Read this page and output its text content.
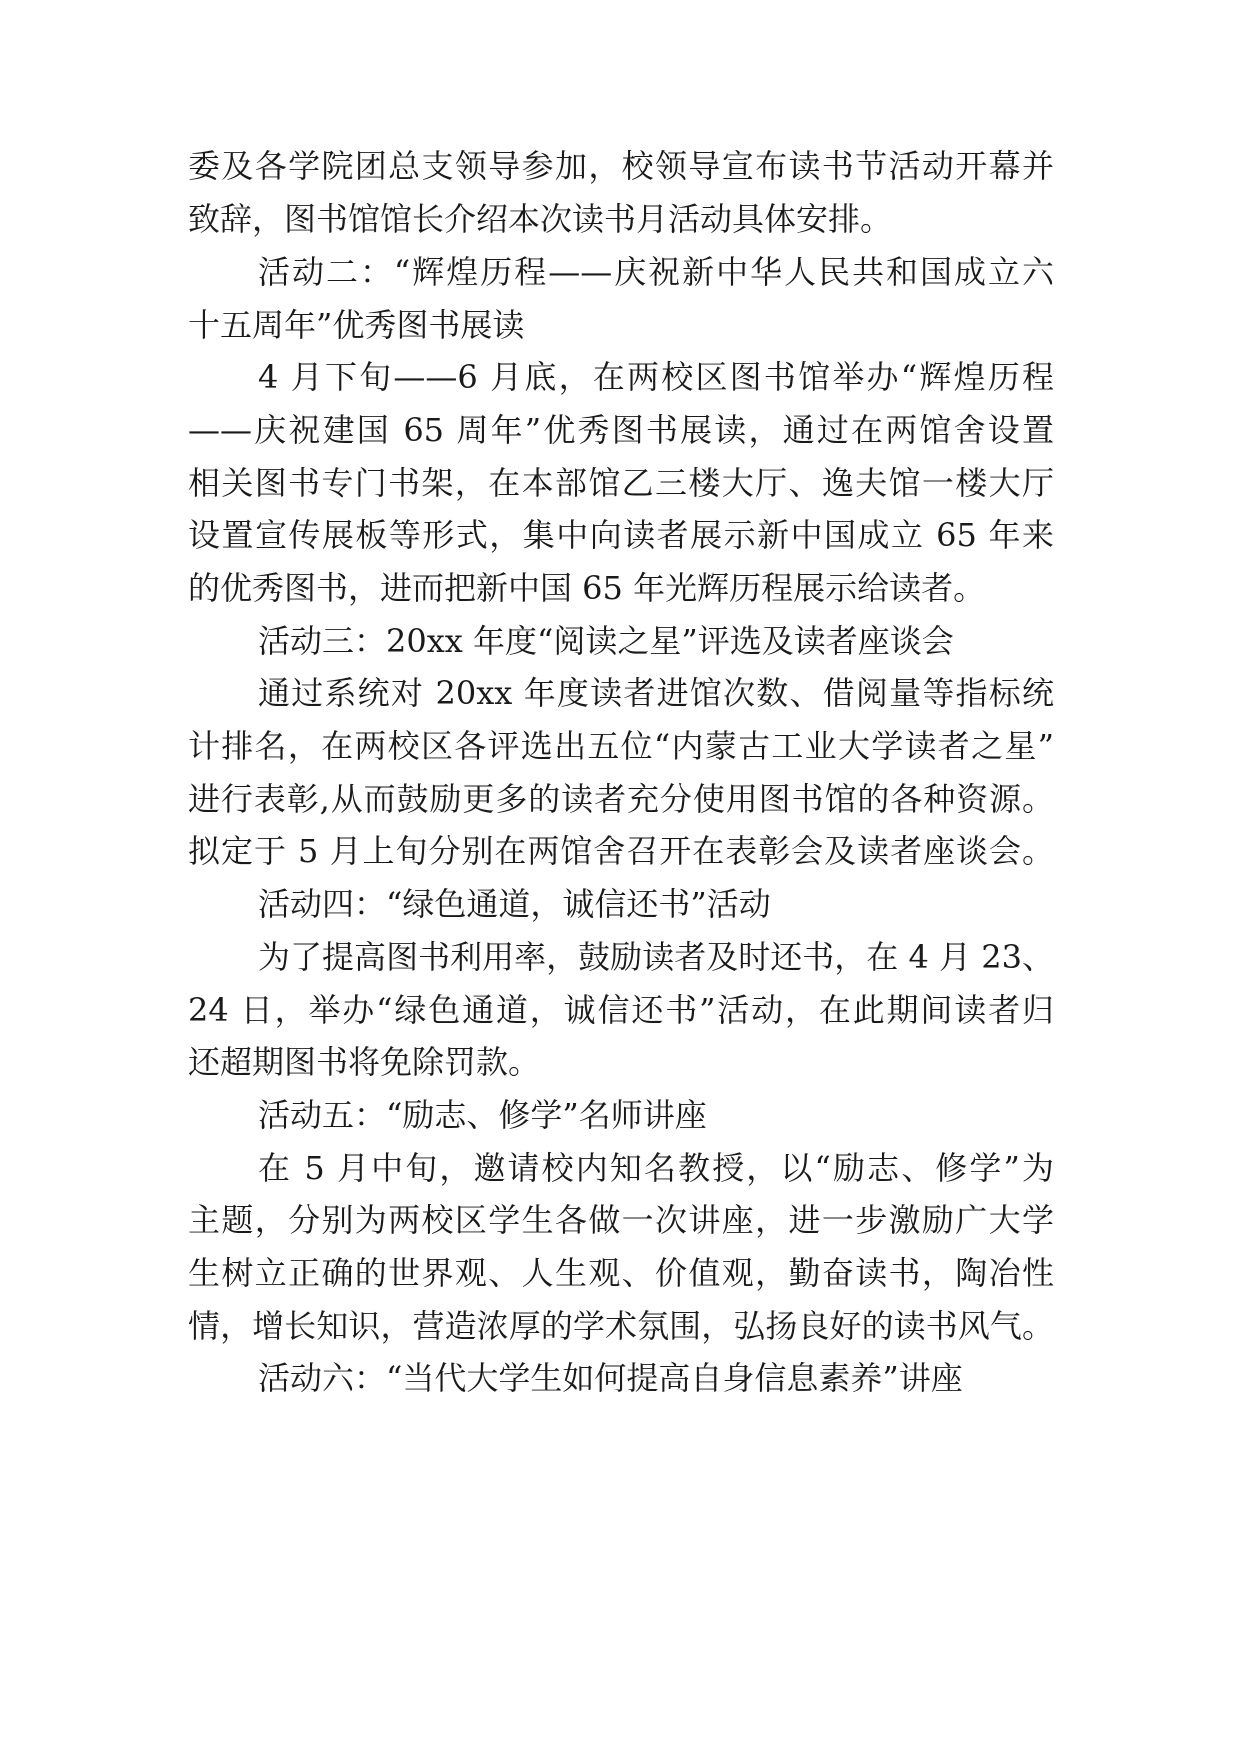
委及各学院团总支领导参加，校领导宣布读书节活动开幕并
致辞，图书馆馆长介绍本次读书月活动具体安排。
活动二：“辉煌历程——庆祝新中华人民共和国成立六
十五周年”优秀图书展读
4 月下旬——6 月底，在两校区图书馆举办“辉煌历程
——庆祝建国 65 周年”优秀图书展读，通过在两馆舍设置
相关图书专门书架，在本部馆乙三楼大厅、逸夫馆一楼大厅
设置宣传展板等形式，集中向读者展示新中国成立 65 年来
的优秀图书，进而把新中国 65 年光辉历程展示给读者。
活动三：20xx 年度“阅读之星”评选及读者座谈会
通过系统对 20xx 年度读者进馆次数、借阅量等指标统
计排名，在两校区各评选出五位“内蒙古工业大学读者之星”
进行表彰,从而鼓励更多的读者充分使用图书馆的各种资源。
拟定于 5 月上旬分别在两馆舍召开在表彰会及读者座谈会。
活动四：“绿色通道，诚信还书”活动
为了提高图书利用率，鼓励读者及时还书，在 4 月 23、
24 日，举办“绿色通道，诚信还书”活动，在此期间读者归
还超期图书将免除罚款。
活动五：“励志、修学”名师讲座
在 5 月中旬，邀请校内知名教授，以“励志、修学”为
主题，分别为两校区学生各做一次讲座，进一步激励广大学
生树立正确的世界观、人生观、价值观，勤奋读书，陶冶性
情，增长知识，营造浓厚的学术氛围，弘扬良好的读书风气。
活动六：“当代大学生如何提高自身信息素养”讲座
